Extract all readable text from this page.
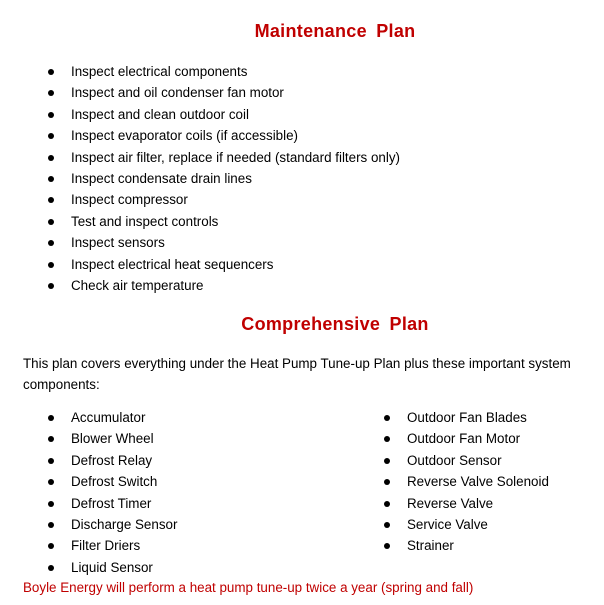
Maintenance Plan
Inspect electrical components
Inspect and oil condenser fan motor
Inspect and clean outdoor coil
Inspect evaporator coils (if accessible)
Inspect air filter, replace if needed (standard filters only)
Inspect condensate drain lines
Inspect compressor
Test and inspect controls
Inspect sensors
Inspect electrical heat sequencers
Check air temperature
Comprehensive Plan
This plan covers everything under the Heat Pump Tune-up Plan plus these important system components:
Accumulator
Blower Wheel
Defrost Relay
Defrost Switch
Defrost Timer
Discharge Sensor
Filter Driers
Liquid Sensor
Outdoor Fan Blades
Outdoor Fan Motor
Outdoor Sensor
Reverse Valve Solenoid
Reverse Valve
Service Valve
Strainer
Boyle Energy will perform a heat pump tune-up twice a year (spring and fall)
